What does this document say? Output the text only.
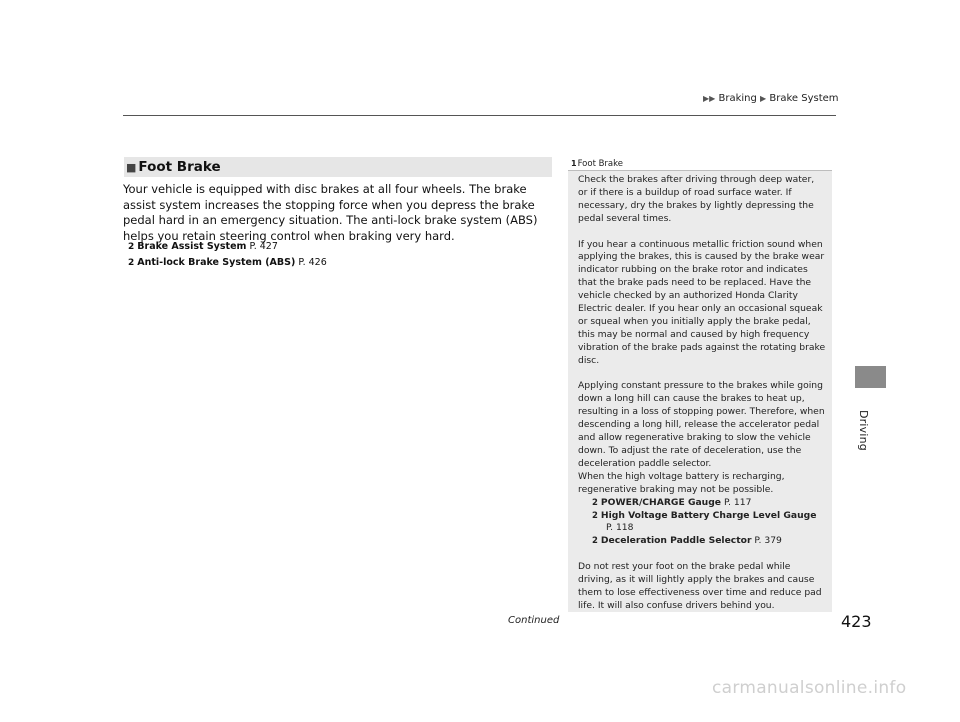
▶▶ Braking ▶ Brake System
Driving
■ Foot Brake
Your vehicle is equipped with disc brakes at all four wheels. The brake assist system increases the stopping force when you depress the brake pedal hard in an emergency situation. The anti-lock brake system (ABS) helps you retain steering control when braking very hard.
2 Brake Assist System P. 427
2 Anti-lock Brake System (ABS) P. 426
1Foot Brake

Check the brakes after driving through deep water, or if there is a buildup of road surface water. If necessary, dry the brakes by lightly depressing the pedal several times.

If you hear a continuous metallic friction sound when applying the brakes, this is caused by the brake wear indicator rubbing on the brake rotor and indicates that the brake pads need to be replaced. Have the vehicle checked by an authorized Honda Clarity Electric dealer. If you hear only an occasional squeak or squeal when you initially apply the brake pedal, this may be normal and caused by high frequency vibration of the brake pads against the rotating brake disc.

Applying constant pressure to the brakes while going down a long hill can cause the brakes to heat up, resulting in a loss of stopping power. Therefore, when descending a long hill, release the accelerator pedal and allow regenerative braking to slow the vehicle down. To adjust the rate of deceleration, use the deceleration paddle selector.

When the high voltage battery is recharging, regenerative braking may not be possible.

2 POWER/CHARGE Gauge P. 117
2 High Voltage Battery Charge Level Gauge
P. 118
2 Deceleration Paddle Selector P. 379

Do not rest your foot on the brake pedal while driving, as it will lightly apply the brakes and cause them to lose effectiveness over time and reduce pad life. It will also confuse drivers behind you.

Continued	423
carmanualsonline.info
